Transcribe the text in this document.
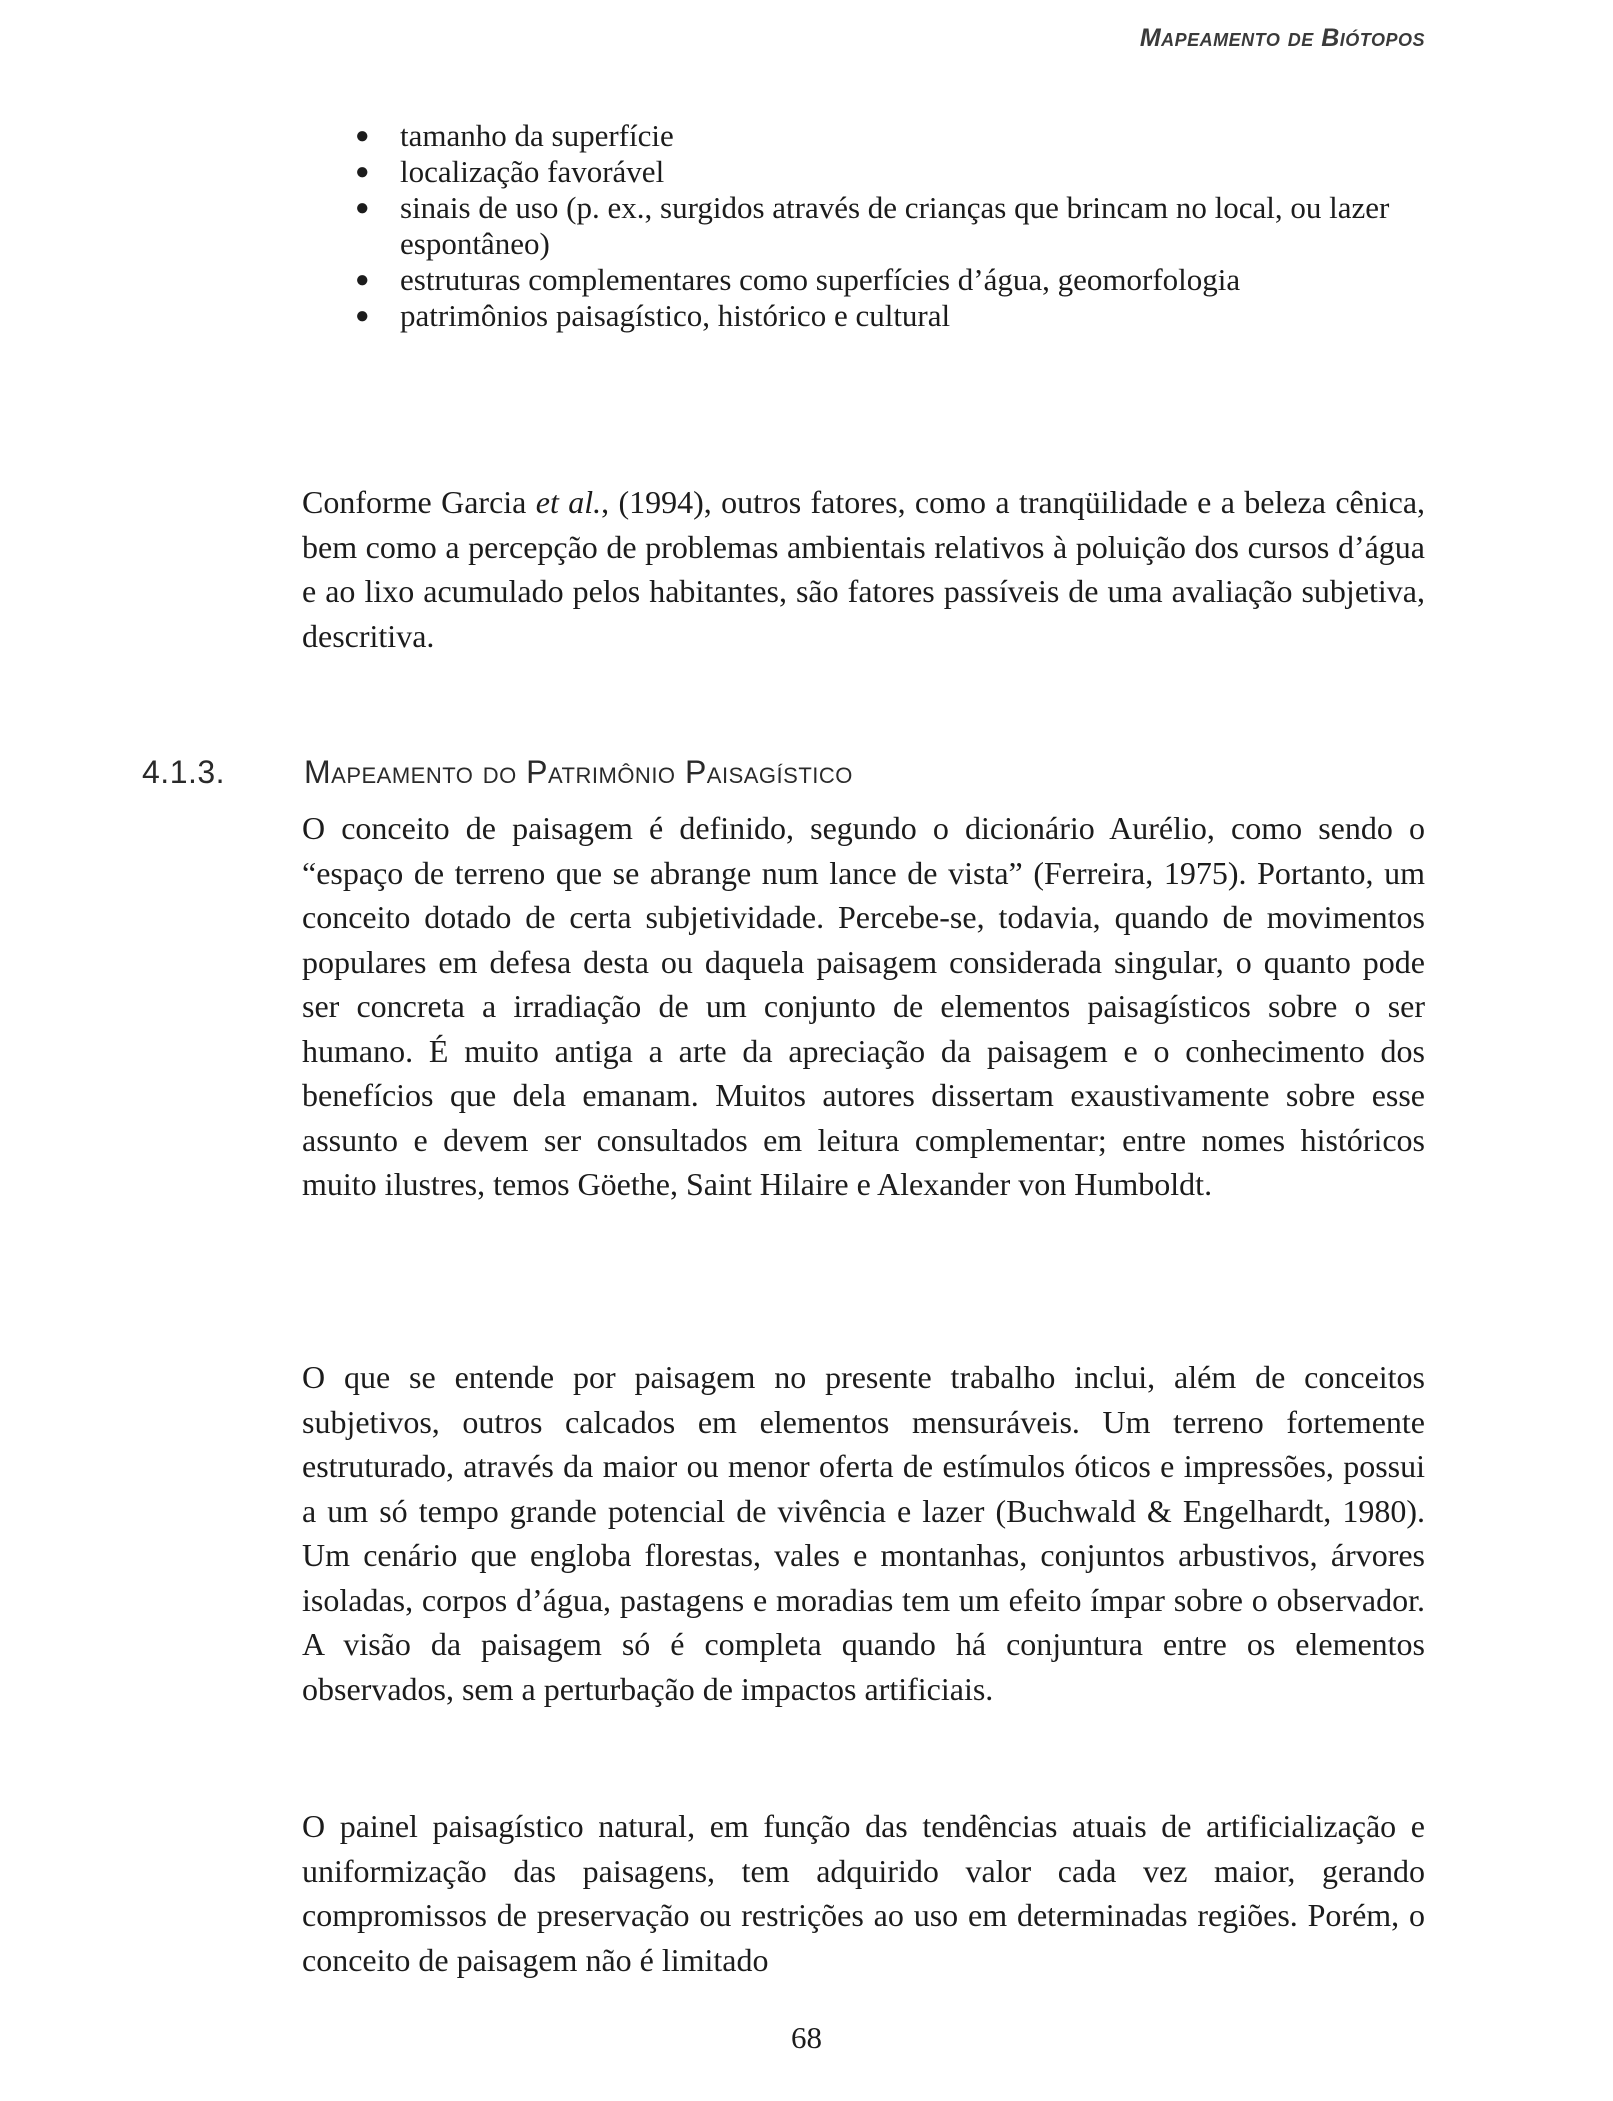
Mapeamento de Biótopos
● tamanho da superfície
● localização favorável
● sinais de uso (p. ex., surgidos através de crianças que brincam no local, ou lazer espontâneo)
● estruturas complementares como superfícies d’água, geomorfologia
● patrimônios paisagístico, histórico e cultural

Conforme Garcia et al., (1994), outros fatores, como a tranqüilidade e a beleza cênica, bem como a percepção de problemas ambientais relativos à poluição dos cursos d’água e ao lixo acumulado pelos habitantes, são fatores passíveis de uma avaliação subjetiva, descritiva.

4.1.3. Mapeamento do Patrimônio Paisagístico

O conceito de paisagem é definido, segundo o dicionário Aurélio, como sendo o “espaço de terreno que se abrange num lance de vista” (Ferreira, 1975). Portanto, um conceito dotado de certa subjetividade. Percebe-se, todavia, quando de movimentos populares em defesa desta ou daquela paisagem considerada singular, o quanto pode ser concreta a irradiação de um conjunto de elementos paisagísticos sobre o ser humano. É muito antiga a arte da apreciação da paisagem e o conhecimento dos benefícios que dela emanam. Muitos autores dissertam exaustivamente sobre esse assunto e devem ser consultados em leitura complementar; entre nomes históricos muito ilustres, temos Göethe, Saint Hilaire e Alexander von Humboldt.

O que se entende por paisagem no presente trabalho inclui, além de conceitos subjetivos, outros calcados em elementos mensuráveis. Um terreno fortemente estruturado, através da maior ou menor oferta de estímulos óticos e impressões, possui a um só tempo grande potencial de vivência e lazer (Buchwald & Engelhardt, 1980). Um cenário que engloba florestas, vales e montanhas, conjuntos arbustivos, árvores isoladas, corpos d’água, pastagens e moradias tem um efeito ímpar sobre o observador. A visão da paisagem só é completa quando há conjuntura entre os elementos observados, sem a perturbação de impactos artificiais.

O painel paisagístico natural, em função das tendências atuais de artificialização e uniformização das paisagens, tem adquirido valor cada vez maior, gerando compromissos de preservação ou restrições ao uso em determinadas regiões. Porém, o conceito de paisagem não é limitado

68
